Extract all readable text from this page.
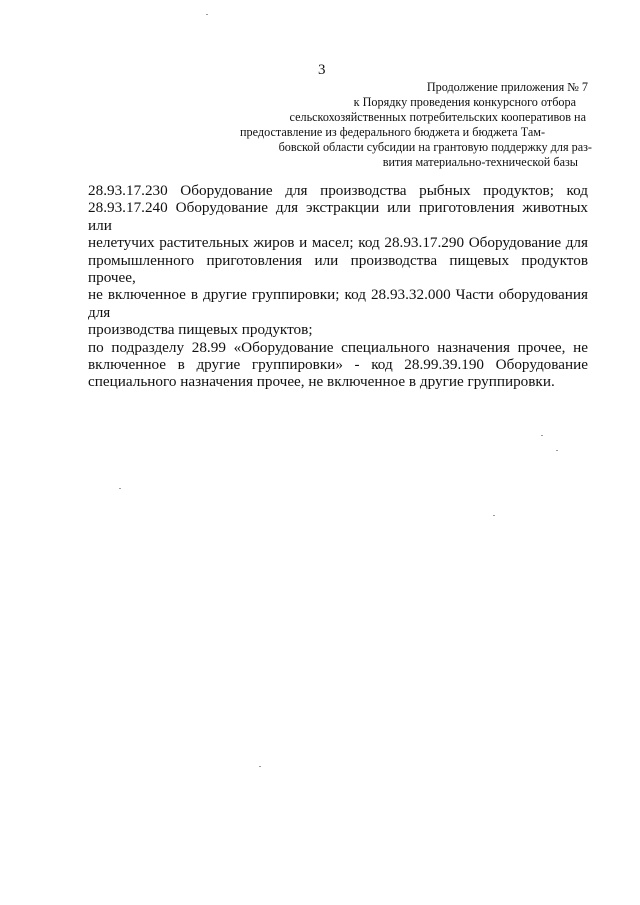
3
Продолжение приложения № 7
к Порядку проведения конкурсного отбора
сельскохозяйственных потребительских кооперативов на
предоставление из федерального бюджета и бюджета Там-
бовской области субсидии на грантовую поддержку для раз-
вития материально-технической базы
28.93.17.230 Оборудование для производства рыбных продуктов; код
28.93.17.240 Оборудование для экстракции или приготовления животных или
нелетучих растительных жиров и масел; код 28.93.17.290 Оборудование для
промышленного приготовления или производства пищевых продуктов прочее,
не включенное в другие группировки; код 28.93.32.000 Части оборудования для
производства пищевых продуктов;
по подразделу 28.99 «Оборудование специального назначения прочее, не
включенное в другие группировки» - код 28.99.39.190 Оборудование
специального назначения прочее, не включенное в другие группировки.
